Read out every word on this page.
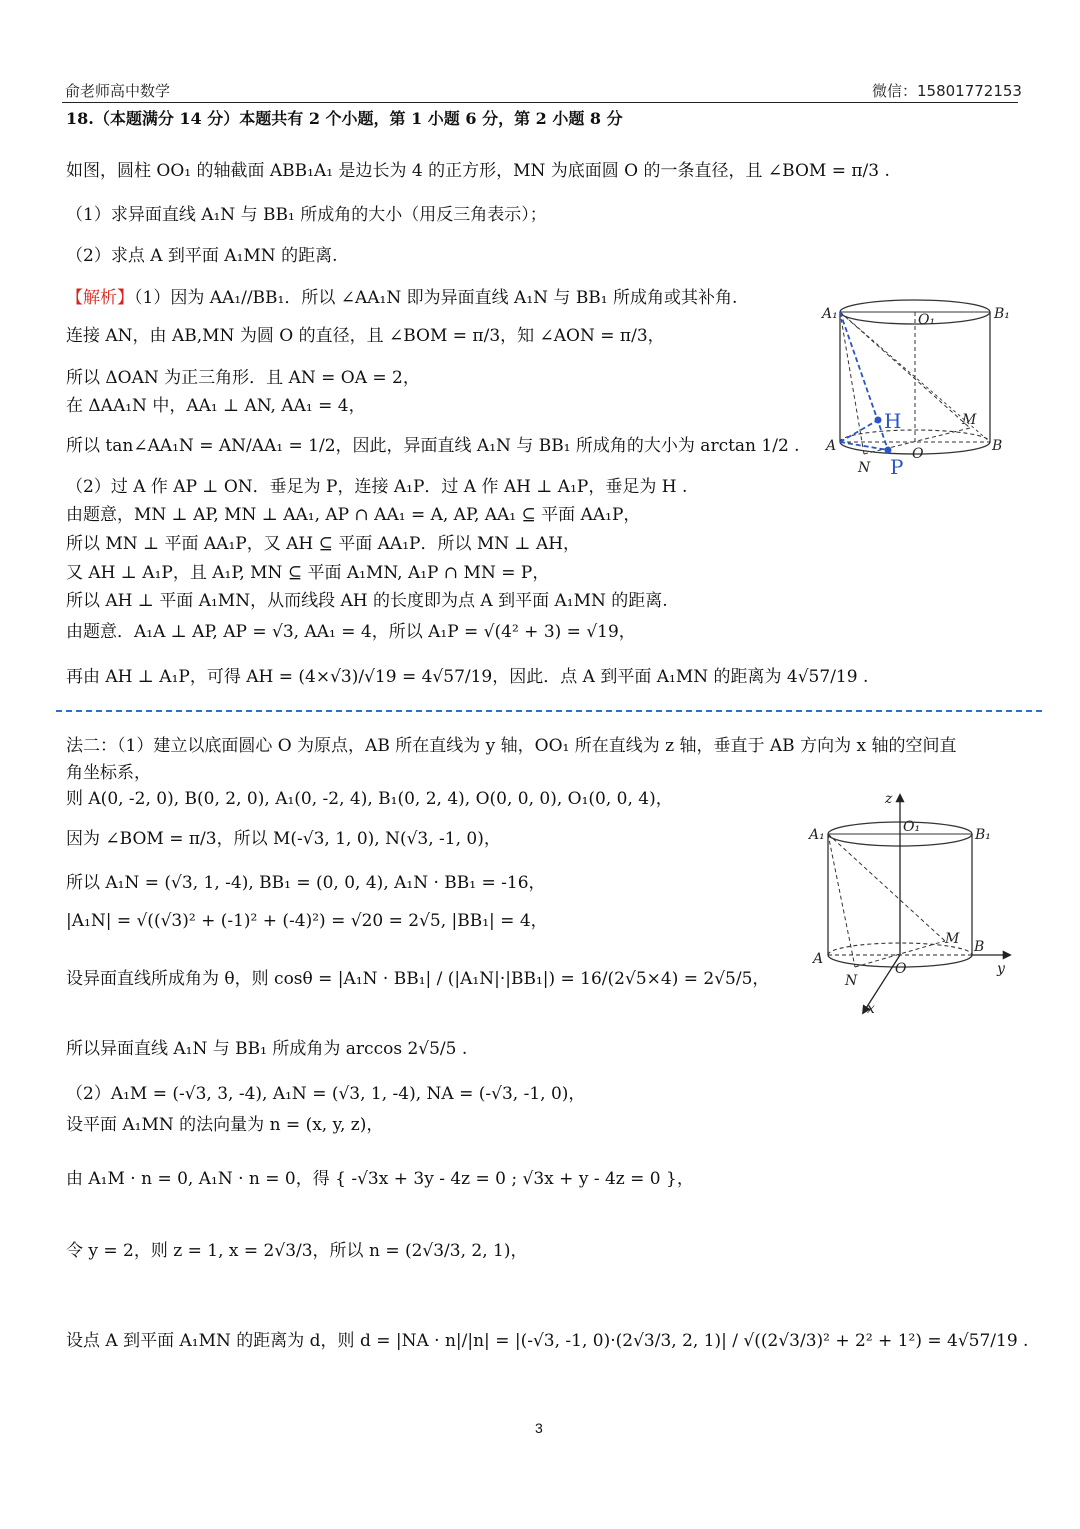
俞老师高中数学	微信：15801772153
18.（本题满分 14 分）本题共有 2 个小题，第 1 小题 6 分，第 2 小题 8 分
如图，圆柱 OO₁ 的轴截面 ABB₁A₁ 是边长为 4 的正方形，MN 为底面圆 O 的一条直径，且 ∠BOM = π/3 .
（1）求异面直线 A₁N 与 BB₁ 所成角的大小（用反三角表示）；
（2）求点 A 到平面 A₁MN 的距离.
【解析】（1）因为 AA₁//BB₁．所以 ∠AA₁N 即为异面直线 A₁N 与 BB₁ 所成角或其补角.
连接 AN，由 AB,MN 为圆 O 的直径，且 ∠BOM = π/3，知 ∠AON = π/3，
所以 ΔOAN 为正三角形．且 AN = OA = 2，
在 ΔAA₁N 中，AA₁ ⊥ AN, AA₁ = 4，
所以 tan∠AA₁N = AN/AA₁ = 1/2，因此，异面直线 A₁N 与 BB₁ 所成角的大小为 arctan 1/2 .
（2）过 A 作 AP ⊥ ON．垂足为 P，连接 A₁P．过 A 作 AH ⊥ A₁P，垂足为 H .
由题意，MN ⊥ AP, MN ⊥ AA₁, AP ∩ AA₁ = A, AP, AA₁ ⊆ 平面 AA₁P，
所以 MN ⊥ 平面 AA₁P，又 AH ⊆ 平面 AA₁P．所以 MN ⊥ AH，
又 AH ⊥ A₁P，且 A₁P, MN ⊆ 平面 A₁MN, A₁P ∩ MN = P，
所以 AH ⊥ 平面 A₁MN，从而线段 AH 的长度即为点 A 到平面 A₁MN 的距离.
由题意．A₁A ⊥ AP, AP = √3, AA₁ = 4，所以 A₁P = √(4² + 3) = √19，
再由 AH ⊥ A₁P，可得 AH = (4×√3)/√19 = 4√57/19，因此．点 A 到平面 A₁MN 的距离为 4√57/19 .
法二：（1）建立以底面圆心 O 为原点，AB 所在直线为 y 轴，OO₁ 所在直线为 z 轴，垂直于 AB 方向为 x 轴的空间直
角坐标系，
则 A(0, -2, 0), B(0, 2, 0), A₁(0, -2, 4), B₁(0, 2, 4), O(0, 0, 0), O₁(0, 0, 4)，
因为 ∠BOM = π/3，所以 M(-√3, 1, 0), N(√3, -1, 0)，
所以 A₁N = (√3, 1, -4), BB₁ = (0, 0, 4), A₁N · BB₁ = -16，
|A₁N| = √((√3)² + (-1)² + (-4)²) = √20 = 2√5, |BB₁| = 4，
设异面直线所成角为 θ，则 cosθ = |A₁N · BB₁| / (|A₁N|·|BB₁|) = 16/(2√5×4) = 2√5/5，
所以异面直线 A₁N 与 BB₁ 所成角为 arccos 2√5/5 .
（2）A₁M = (-√3, 3, -4), A₁N = (√3, 1, -4), NA = (-√3, -1, 0)，
设平面 A₁MN 的法向量为 n = (x, y, z)，
由 A₁M · n = 0, A₁N · n = 0，得 { -√3x + 3y - 4z = 0 ; √3x + y - 4z = 0 }，
令 y = 2，则 z = 1, x = 2√3/3，所以 n = (2√3/3, 2, 1)，
设点 A 到平面 A₁MN 的距离为 d，则 d = |NA · n|/|n| = |(-√3, -1, 0)·(2√3/3, 2, 1)| / √((2√3/3)² + 2² + 1²) = 4√57/19 .
A₁	O₁	B₁
M
A	O	B
N
H
P
A₁	O₁	B₁
z
M
A
O
B
N
y
x
3
